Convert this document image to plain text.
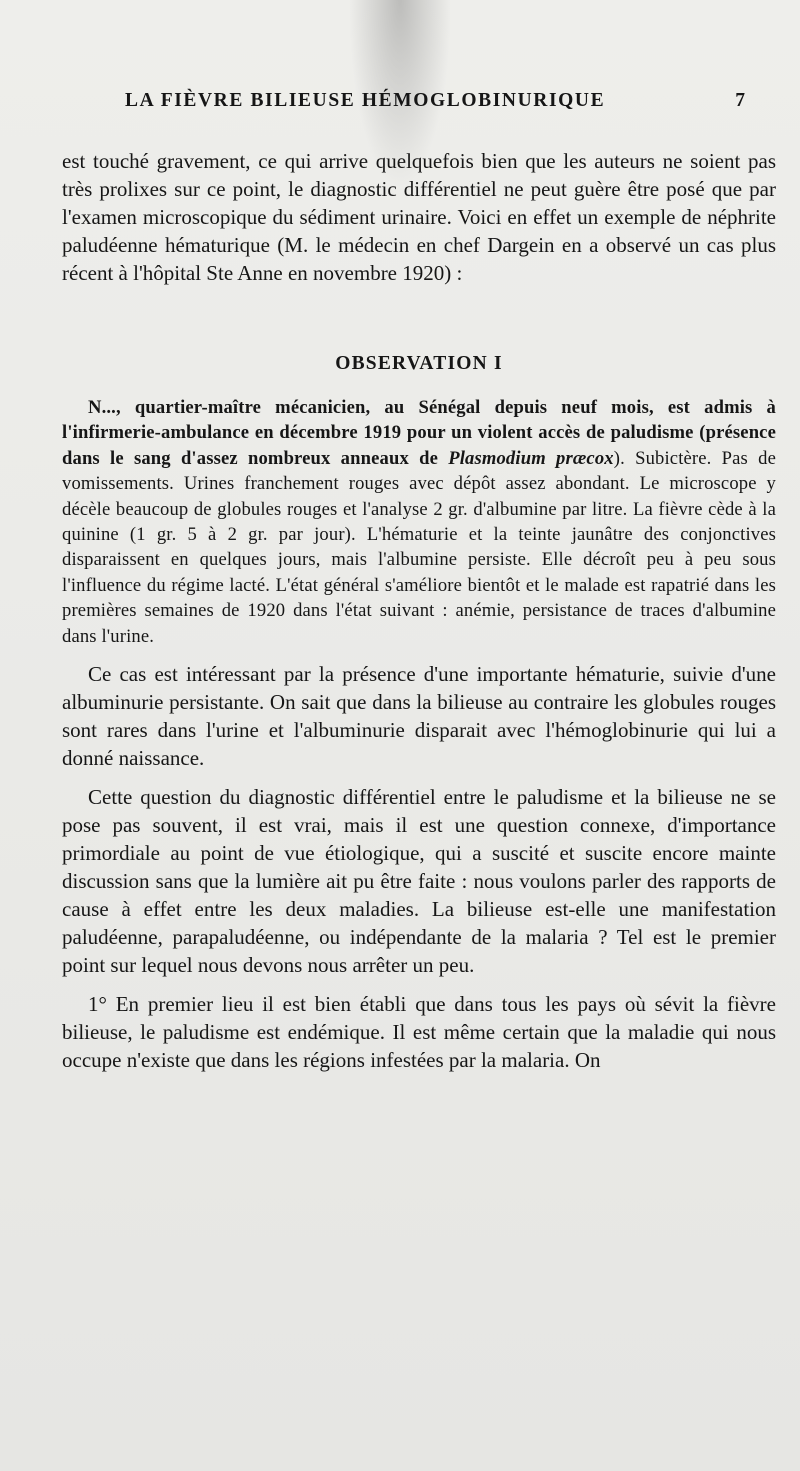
LA FIÈVRE BILIEUSE HÉMOGLOBINURIQUE	7

est touché gravement, ce qui arrive quelquefois bien que les auteurs ne soient pas très prolixes sur ce point, le diagnostic différentiel ne peut guère être posé que par l'examen microscopique du sédiment urinaire. Voici en effet un exemple de néphrite paludéenne hématurique (M. le médecin en chef Dargein en a observé un cas plus récent à l'hôpital Ste Anne en novembre 1920) :

OBSERVATION I

N..., quartier-maître mécanicien, au Sénégal depuis neuf mois, est admis à l'infirmerie-ambulance en décembre 1919 pour un violent accès de paludisme (présence dans le sang d'assez nombreux anneaux de Plasmodium præcox). Subictère. Pas de vomissements. Urines franchement rouges avec dépôt assez abondant. Le microscope y décèle beaucoup de globules rouges et l'analyse 2 gr. d'albumine par litre. La fièvre cède à la quinine (1 gr. 5 à 2 gr. par jour). L'hématurie et la teinte jaunâtre des conjonctives disparaissent en quelques jours, mais l'albumine persiste. Elle décroît peu à peu sous l'influence du régime lacté. L'état général s'améliore bientôt et le malade est rapatrié dans les premières semaines de 1920 dans l'état suivant : anémie, persistance de traces d'albumine dans l'urine.

Ce cas est intéressant par la présence d'une importante hématurie, suivie d'une albuminurie persistante. On sait que dans la bilieuse au contraire les globules rouges sont rares dans l'urine et l'albuminurie disparait avec l'hémoglobinurie qui lui a donné naissance.

Cette question du diagnostic différentiel entre le paludisme et la bilieuse ne se pose pas souvent, il est vrai, mais il est une question connexe, d'importance primordiale au point de vue étiologique, qui a suscité et suscite encore mainte discussion sans que la lumière ait pu être faite : nous voulons parler des rapports de cause à effet entre les deux maladies. La bilieuse est-elle une manifestation paludéenne, parapaludéenne, ou indépendante de la malaria ? Tel est le premier point sur lequel nous devons nous arrêter un peu.

1° En premier lieu il est bien établi que dans tous les pays où sévit la fièvre bilieuse, le paludisme est endémique. Il est même certain que la maladie qui nous occupe n'existe que dans les régions infestées par la malaria. On
